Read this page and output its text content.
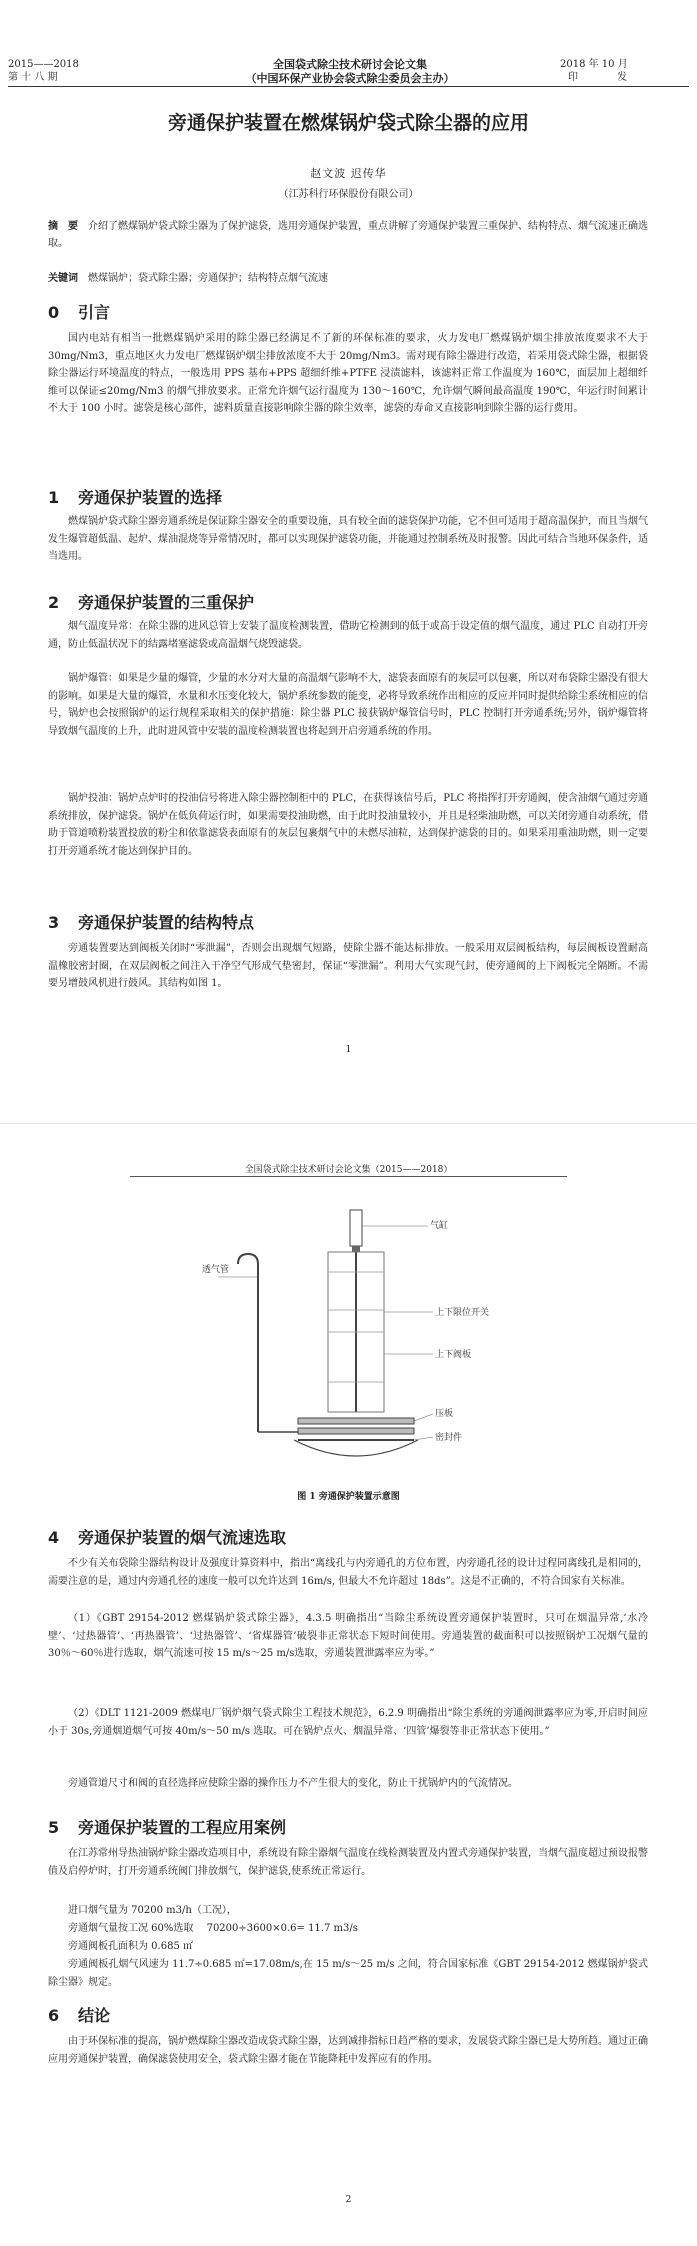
2015——2018
第 十 八 期
全国袋式除尘技术研讨会论文集
（中国环保产业协会袋式除尘委员会主办）
2018 年 10 月
印 发
旁通保护装置在燃煤锅炉袋式除尘器的应用
赵文波 迟传华
（江苏科行环保股份有限公司）
摘　要 介绍了燃煤锅炉袋式除尘器为了保护滤袋，选用旁通保护装置，重点讲解了旁通保护装置三重保护、结构特点、烟气流速正确选取。
关键词 燃煤锅炉；袋式除尘器；旁通保护；结构特点烟气流速
0 引言
国内电站有相当一批燃煤锅炉采用的除尘器已经满足不了新的环保标准的要求，火力发电厂燃煤锅炉烟尘排放浓度要求不大于 30mg/Nm3，重点地区火力发电厂燃煤锅炉烟尘排放浓度不大于 20mg/Nm3。需对现有除尘器进行改造，若采用袋式除尘器，根据袋除尘器运行环境温度的特点，一般选用 PPS 基布+PPS 超细纤维+PTFE 浸渍滤料，该滤料正常工作温度为 160℃，面层加上超细纤维可以保证≤20mg/Nm3 的烟气排放要求。正常允许烟气运行温度为 130～160℃，允许烟气瞬间最高温度 190℃，年运行时间累计不大于 100 小时。滤袋是核心部件，滤料质量直接影响除尘器的除尘效率，滤袋的寿命又直接影响到除尘器的运行费用。
1 旁通保护装置的选择
燃煤锅炉袋式除尘器旁通系统是保证除尘器安全的重要设施，具有较全面的滤袋保护功能，它不但可适用于超高温保护，而且当烟气发生爆管超低温、起炉、煤油混烧等异常情况时，都可以实现保护滤袋功能，并能通过控制系统及时报警。因此可结合当地环保条件，适当选用。
2 旁通保护装置的三重保护
烟气温度异常：在除尘器的进风总管上安装了温度检测装置，借助它检测到的低于或高于设定值的烟气温度，通过 PLC 自动打开旁通，防止低温状况下的结露堵塞滤袋或高温烟气烧毁滤袋。
锅炉爆管：如果是少量的爆管，少量的水分对大量的高温烟气影响不大，滤袋表面原有的灰层可以包裹，所以对布袋除尘器没有很大的影响。如果是大量的爆管，水量和水压变化较大，锅炉系统参数的能变，必将导致系统作出相应的反应并同时提供给除尘系统相应的信号，锅炉也会按照锅炉的运行规程采取相关的保护措施：除尘器 PLC 接获锅炉爆管信号时，PLC 控制打开旁通系统;另外，锅炉爆管将导致烟气温度的上升，此时进风管中安装的温度检测装置也将起到开启旁通系统的作用。
锅炉投油：锅炉点炉时的投油信号将进入除尘器控制柜中的 PLC，在获得该信号后，PLC 将指挥打开旁通阀，使含油烟气通过旁通系统排放，保护滤袋。锅炉在低负荷运行时，如果需要投油助燃，由于此时投油量较小，并且是轻柴油助燃，可以关闭旁通自动系统，借助于管道喷粉装置投放的粉尘和依靠滤袋表面原有的灰层包裹烟气中的未燃尽油粒，达到保护滤袋的目的。如果采用重油助燃，则一定要打开旁通系统才能达到保护目的。
3 旁通保护装置的结构特点
旁通装置要达到阀板关闭时“零泄漏”，否则会出现烟气短路，使除尘器不能达标排放。一般采用双层阀板结构，每层阀板设置耐高温橡胶密封圈，在双层阀板之间注入干净空气形成气垫密封，保证“零泄漏”。利用大气实现气封，使旁通阀的上下阀板完全隔断。不需要另增鼓风机进行鼓风。其结构如图 1。
1
全国袋式除尘技术研讨会论文集（2015——2018）
气缸
透气管
上下限位开关
上下阀板
压板
密封件
图 1 旁通保护装置示意图
4 旁通保护装置的烟气流速选取
不少有关布袋除尘器结构设计及强度计算资料中，指出“离线孔与内旁通孔的方位布置，内旁通孔径的设计过程同离线孔是相同的，需要注意的是，通过内旁通孔径的速度一般可以允许达到 16m/s, 但最大不允许超过 18ds”。这是不正确的，不符合国家有关标准。
（1）《GBT 29154-2012 燃煤锅炉袋式除尘器》，4.3.5 明确指出“当除尘系统设置旁通保护装置时，只可在烟温异常,‘水冷壁’、‘过热器管’、‘再热器管’、‘过热器管’、‘省煤器管’破裂非正常状态下短时间使用。旁通装置的截面积可以按照锅炉工况烟气量的 30％～60％进行选取，烟气流速可按 15 m/s～25 m/s选取，旁通装置泄露率应为零。”
（2）《DLT 1121-2009 燃煤电厂锅炉烟气袋式除尘工程技术规范》，6.2.9 明确指出“除尘系统的旁通阀泄露率应为零,开启时间应小于 30s,旁通烟道烟气可按 40m/s～50 m/s 选取。可在锅炉点火、烟温异常、‘四管’爆裂等非正常状态下使用。”
旁通管道尺寸和阀的直径选择应使除尘器的操作压力不产生很大的变化，防止干扰锅炉内的气流情况。
5 旁通保护装置的工程应用案例
在江苏常州导热油锅炉除尘器改造项目中，系统设有除尘器烟气温度在线检测装置及内置式旁通保护装置，当烟气温度超过预设报警值及启停炉时，打开旁通系统阀门排放烟气，保护滤袋,使系统正常运行。
进口烟气量为 70200 m3/h（工况），
旁通烟气量按工况 60%选取　 70200÷3600×0.6= 11.7 m3/s
旁通阀板孔面积为 0.685 ㎡
旁通阀板孔烟气风速为 11.7÷0.685 ㎡=17.08m/s,在 15 m/s～25 m/s 之间，符合国家标准《GBT 29154-2012 燃煤锅炉袋式除尘器》规定。
6 结论
由于环保标准的提高，锅炉燃煤除尘器改造成袋式除尘器，达到减排指标日趋严格的要求，发展袋式除尘器已是大势所趋。通过正确应用旁通保护装置，确保滤袋使用安全，袋式除尘器才能在节能降耗中发挥应有的作用。
2
